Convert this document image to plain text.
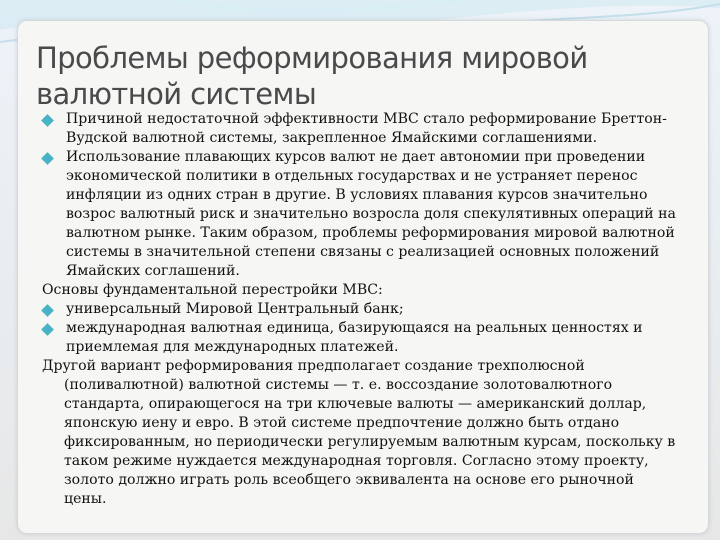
Проблемы реформирования мировой валютной системы

Причиной недостаточной эффективности МВС стало реформирование Бреттон-Вудской валютной системы, закрепленное Ямайскими соглашениями.

Использование плавающих курсов валют не дает автономии при проведении экономической политики в отдельных государствах и не устраняет перенос инфляции из одних стран в другие. В условиях плавания курсов значительно возрос валютный риск и значительно возросла доля спекулятивных операций на валютном рынке. Таким образом, проблемы реформирования мировой валютной системы в значительной степени связаны с реализацией основных положений Ямайских соглашений.

Основы фундаментальной перестройки МВС:

универсальный Мировой Центральный банк;

международная валютная единица, базирующаяся на реальных ценностях и приемлемая для международных платежей.

Другой вариант реформирования предполагает создание трехполюсной (поливалютной) валютной системы — т. е. воссоздание золотовалютного стандарта, опирающегося на три ключевые валюты — американский доллар, японскую иену и евро. В этой системе предпочтение должно быть отдано фиксированным, но периодически регулируемым валютным курсам, поскольку в таком режиме нуждается международная торговля. Согласно этому проекту, золото должно играть роль всеобщего эквивалента на основе его рыночной цены.
